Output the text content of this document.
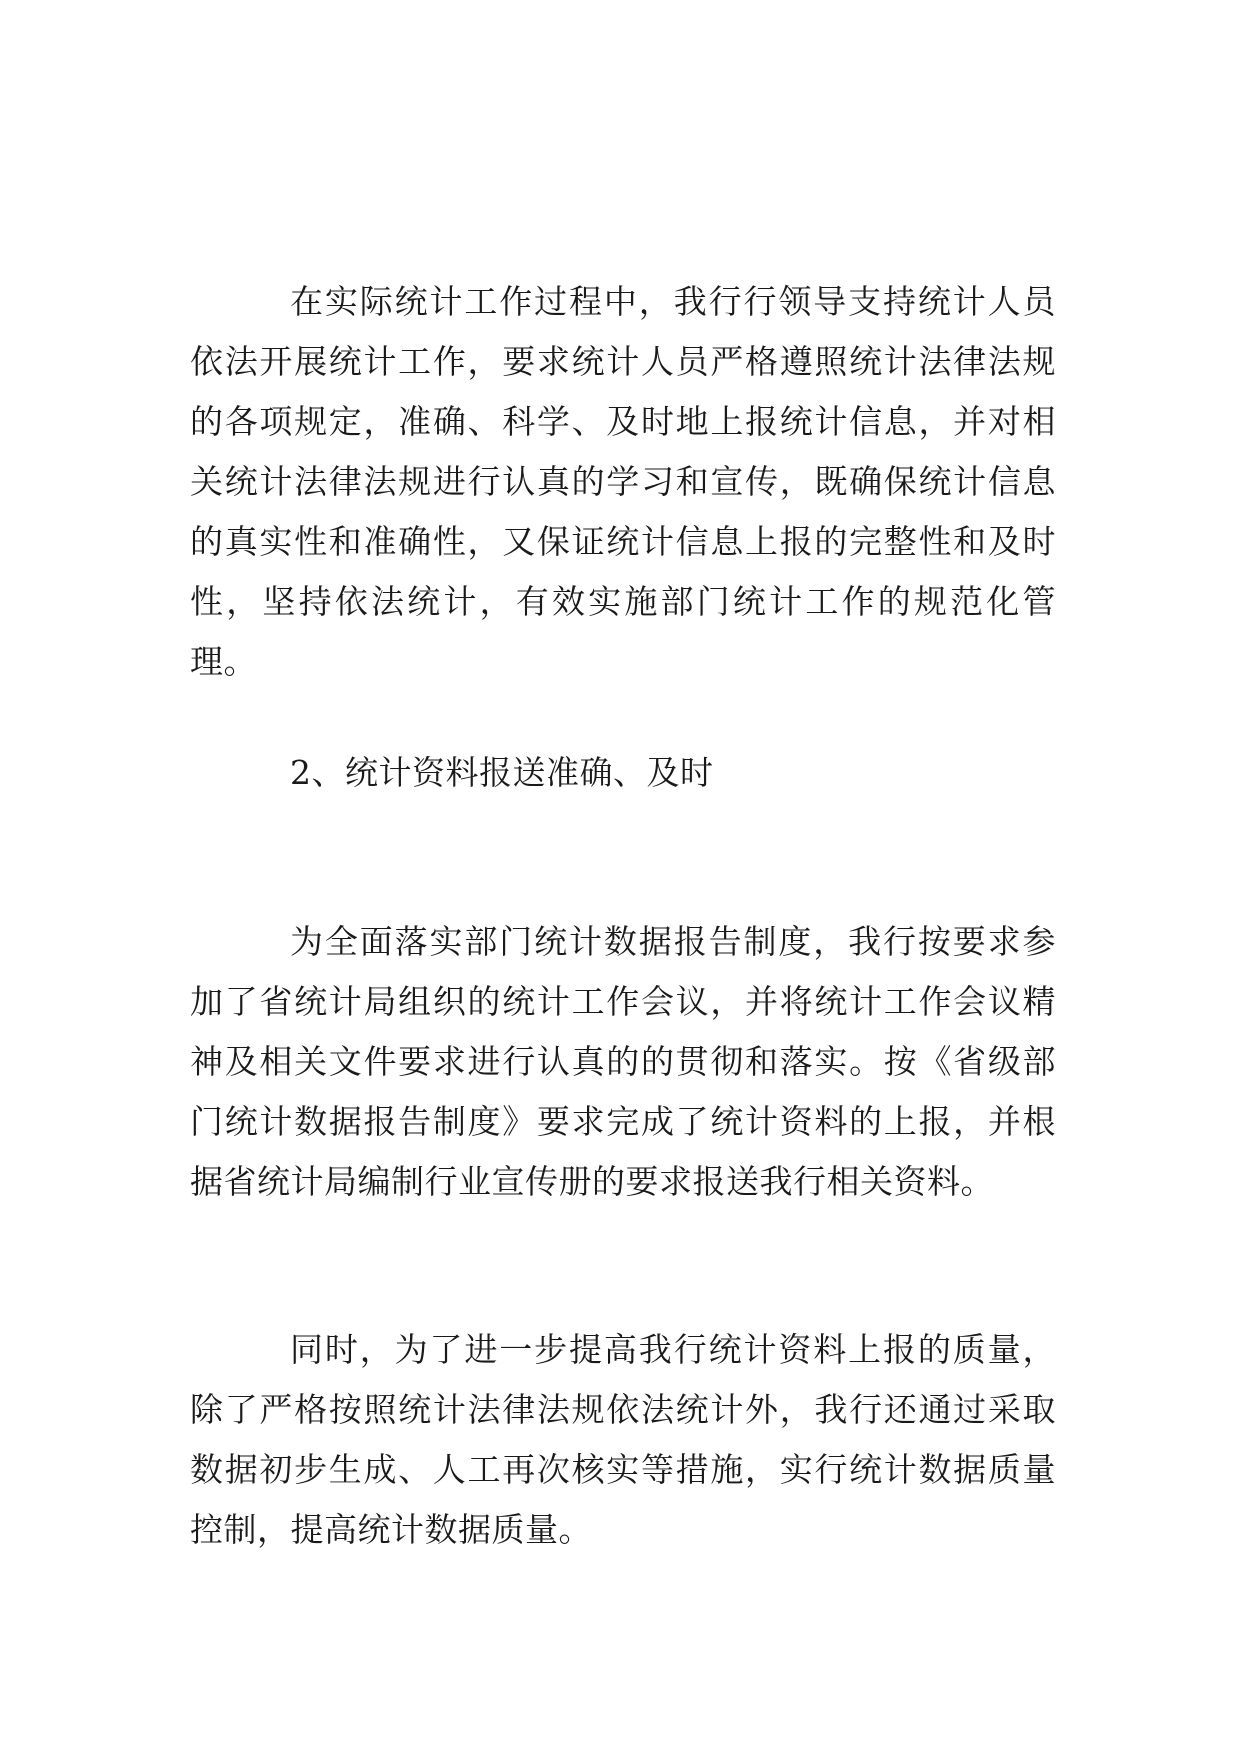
在实际统计工作过程中，我行行领导支持统计人员依法开展统计工作，要求统计人员严格遵照统计法律法规的各项规定，准确、科学、及时地上报统计信息，并对相关统计法律法规进行认真的学习和宣传，既确保统计信息的真实性和准确性，又保证统计信息上报的完整性和及时性，坚持依法统计，有效实施部门统计工作的规范化管理。

2、统计资料报送准确、及时

为全面落实部门统计数据报告制度，我行按要求参加了省统计局组织的统计工作会议，并将统计工作会议精神及相关文件要求进行认真的的贯彻和落实。按《省级部门统计数据报告制度》要求完成了统计资料的上报，并根据省统计局编制行业宣传册的要求报送我行相关资料。

同时，为了进一步提高我行统计资料上报的质量，除了严格按照统计法律法规依法统计外，我行还通过采取数据初步生成、人工再次核实等措施，实行统计数据质量控制，提高统计数据质量。
